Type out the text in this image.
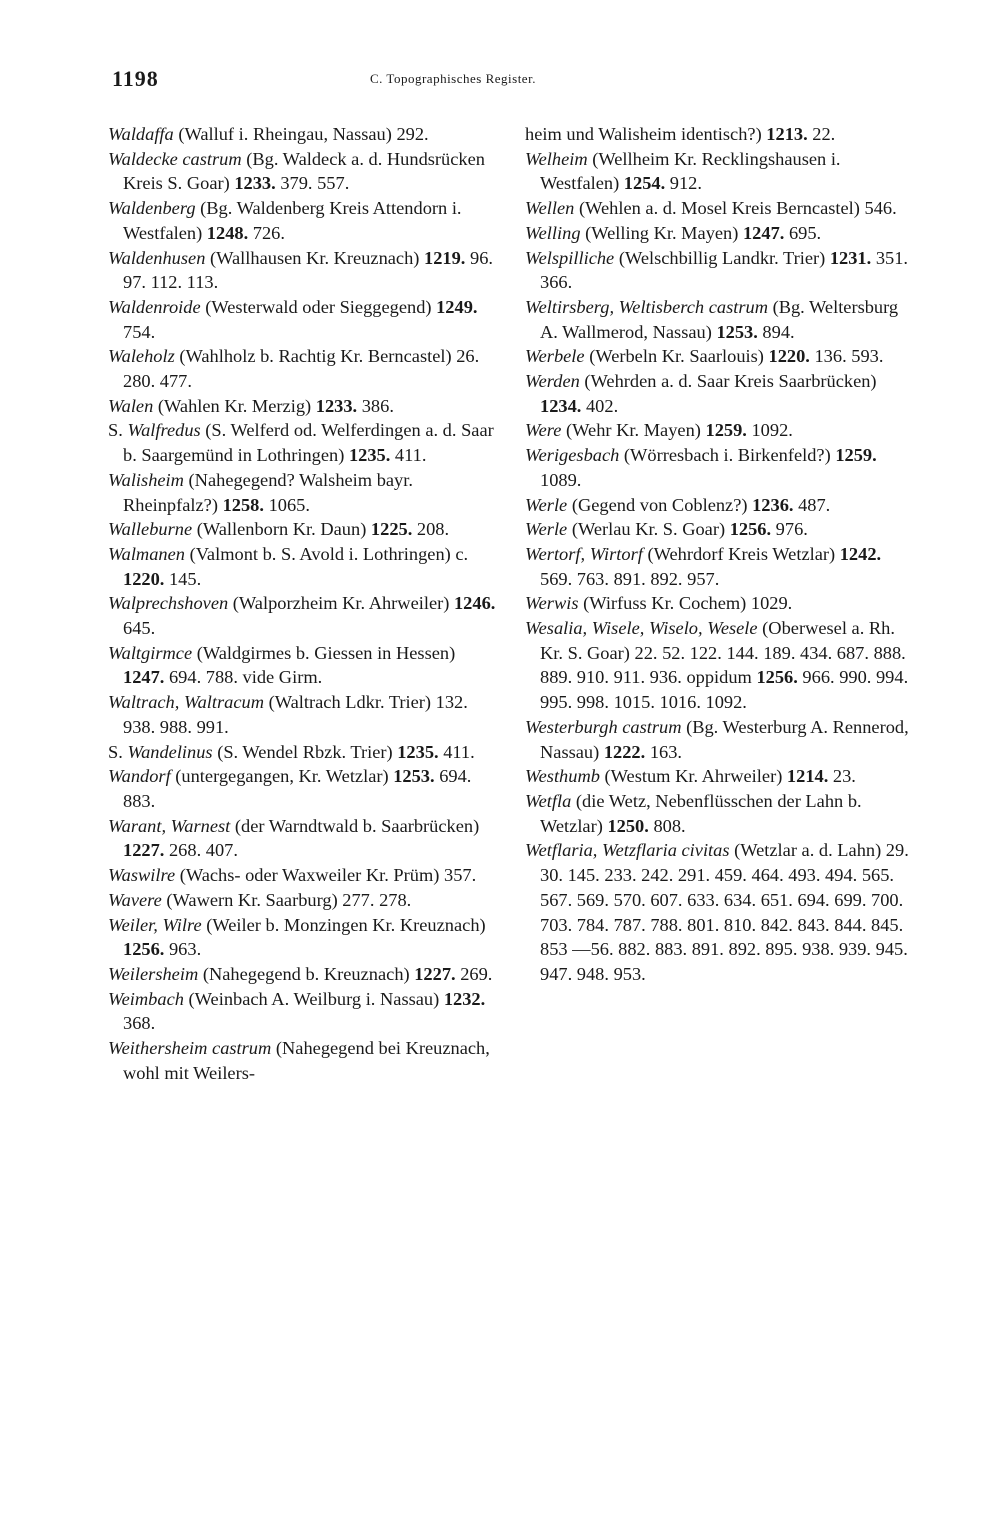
1198	C. Topographisches Register.

Waldaffa (Walluf i. Rheingau, Nassau) 292.

Waldecke castrum (Bg. Waldeck a. d. Hundsrücken Kreis S. Goar) 1233. 379. 557.

Waldenberg (Bg. Waldenberg Kreis Attendorn i. Westfalen) 1248. 726.

Waldenhusen (Wallhausen Kr. Kreuznach) 1219. 96. 97. 112. 113.

Waldenroide (Westerwald oder Sieggegend) 1249. 754.

Waleholz (Wahlholz b. Rachtig Kr. Berncastel) 26. 280. 477.

Walen (Wahlen Kr. Merzig) 1233. 386.

S. Walfredus (S. Welferd od. Welferdingen a. d. Saar b. Saargemünd in Lothringen) 1235. 411.

Walisheim (Nahegegend? Walsheim bayr. Rheinpfalz?) 1258. 1065.

Walleburne (Wallenborn Kr. Daun) 1225. 208.

Walmanen (Valmont b. S. Avold i. Lothringen) c. 1220. 145.

Walprechshoven (Walporzheim Kr. Ahrweiler) 1246. 645.

Waltgirmce (Waldgirmes b. Giessen in Hessen) 1247. 694. 788. vide Girm.

Waltrach, Waltracum (Waltrach Ldkr. Trier) 132. 938. 988. 991.

S. Wandelinus (S. Wendel Rbzk. Trier) 1235. 411.

Wandorf (untergegangen, Kr. Wetzlar) 1253. 694. 883.

Warant, Warnest (der Warndtwald b. Saarbrücken) 1227. 268. 407.

Waswilre (Wachs- oder Waxweiler Kr. Prüm) 357.

Wavere (Wawern Kr. Saarburg) 277. 278.

Weiler, Wilre (Weiler b. Monzingen Kr. Kreuznach) 1256. 963.

Weilersheim (Nahegegend b. Kreuznach) 1227. 269.

Weimbach (Weinbach A. Weilburg i. Nassau) 1232. 368.

Weithersheim castrum (Nahegegend bei Kreuznach, wohl mit Weilers-

heim und Walisheim identisch?) 1213. 22.

Welheim (Wellheim Kr. Recklingshausen i. Westfalen) 1254. 912.

Wellen (Wehlen a. d. Mosel Kreis Berncastel) 546.

Welling (Welling Kr. Mayen) 1247. 695.

Welspilliche (Welschbillig Landkr. Trier) 1231. 351. 366.

Weltirsberg, Weltisberch castrum (Bg. Weltersburg A. Wallmerod, Nassau) 1253. 894.

Werbele (Werbeln Kr. Saarlouis) 1220. 136. 593.

Werden (Wehrden a. d. Saar Kreis Saarbrücken) 1234. 402.

Were (Wehr Kr. Mayen) 1259. 1092.

Werigesbach (Wörresbach i. Birkenfeld?) 1259. 1089.

Werle (Gegend von Coblenz?) 1236. 487.

Werle (Werlau Kr. S. Goar) 1256. 976.

Wertorf, Wirtorf (Wehrdorf Kreis Wetzlar) 1242. 569. 763. 891. 892. 957.

Werwis (Wirfuss Kr. Cochem) 1029.

Wesalia, Wisele, Wiselo, Wesele (Oberwesel a. Rh. Kr. S. Goar) 22. 52. 122. 144. 189. 434. 687. 888. 889. 910. 911. 936. oppidum 1256. 966. 990. 994. 995. 998. 1015. 1016. 1092.

Westerburgh castrum (Bg. Westerburg A. Rennerod, Nassau) 1222. 163.

Westhumb (Westum Kr. Ahrweiler) 1214. 23.

Wetfla (die Wetz, Nebenflüsschen der Lahn b. Wetzlar) 1250. 808.

Wetflaria, Wetzflaria civitas (Wetzlar a. d. Lahn) 29. 30. 145. 233. 242. 291. 459. 464. 493. 494. 565. 567. 569. 570. 607. 633. 634. 651. 694. 699. 700. 703. 784. 787. 788. 801. 810. 842. 843. 844. 845. 853 —56. 882. 883. 891. 892. 895. 938. 939. 945. 947. 948. 953.
